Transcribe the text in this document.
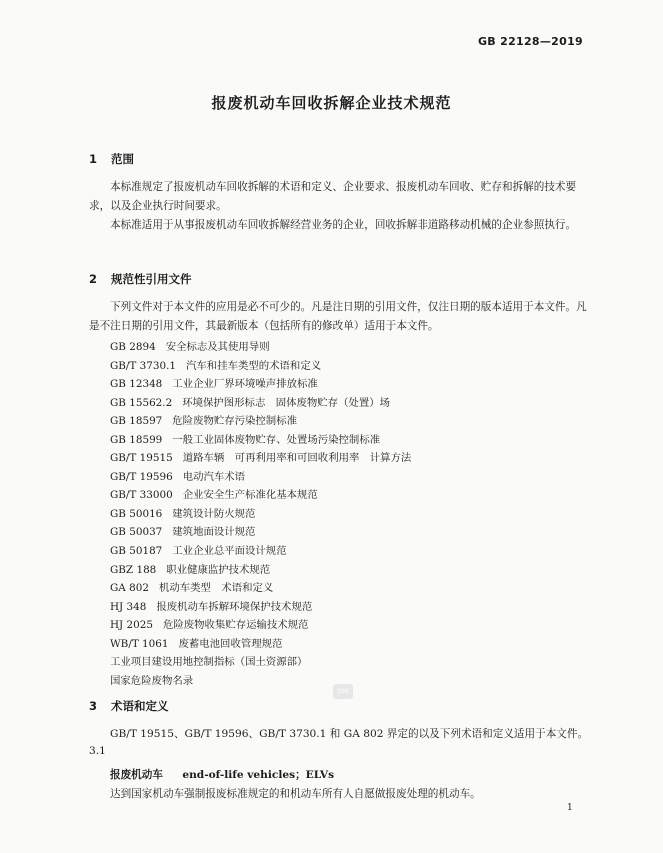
GB 22128—2019
报废机动车回收拆解企业技术规范
1 范围
本标准规定了报废机动车回收拆解的术语和定义、企业要求、报废机动车回收、贮存和拆解的技术要求，以及企业执行时间要求。
本标准适用于从事报废机动车回收拆解经营业务的企业，回收拆解非道路移动机械的企业参照执行。
2 规范性引用文件
下列文件对于本文件的应用是必不可少的。凡是注日期的引用文件，仅注日期的版本适用于本文件。凡是不注日期的引用文件，其最新版本（包括所有的修改单）适用于本文件。
GB 2894 安全标志及其使用导则
GB/T 3730.1 汽车和挂车类型的术语和定义
GB 12348 工业企业厂界环境噪声排放标准
GB 15562.2 环境保护图形标志　固体废物贮存（处置）场
GB 18597 危险废物贮存污染控制标准
GB 18599 一般工业固体废物贮存、处置场污染控制标准
GB/T 19515 道路车辆　可再利用率和可回收利用率　计算方法
GB/T 19596 电动汽车术语
GB/T 33000 企业安全生产标准化基本规范
GB 50016 建筑设计防火规范
GB 50037 建筑地面设计规范
GB 50187 工业企业总平面设计规范
GBZ 188 职业健康监护技术规范
GA 802 机动车类型　术语和定义
HJ 348 报废机动车拆解环境保护技术规范
HJ 2025 危险废物收集贮存运输技术规范
WB/T 1061 废蓄电池回收管理规范
工业项目建设用地控制指标（国土资源部）
国家危险废物名录
SSK
3 术语和定义
GB/T 19515、GB/T 19596、GB/T 3730.1 和 GA 802 界定的以及下列术语和定义适用于本文件。
3.1
报废机动车 end-of-life vehicles；ELVs
达到国家机动车强制报废标准规定的和机动车所有人自愿做报废处理的机动车。
1
